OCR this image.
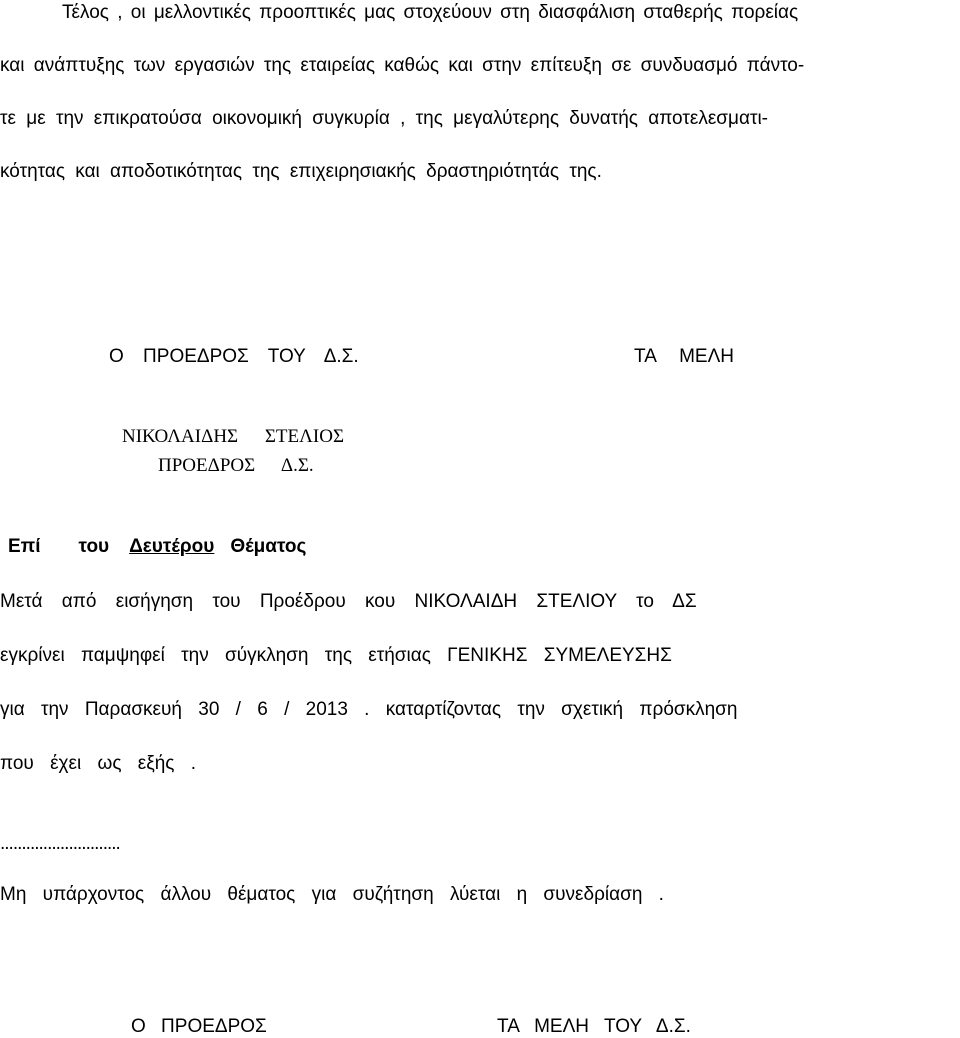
Τέλος , οι μελλοντικές προοπτικές μας στοχεύουν στη διασφάλιση σταθερής πορείας
και ανάπτυξης των εργασιών της εταιρείας καθώς και στην επίτευξη σε συνδυασμό πάντο-
τε με την επικρατούσα οικονομική συγκυρία , της μεγαλύτερης δυνατής αποτελεσματι-
κότητας και αποδοτικότητας της επιχειρησιακής δραστηριότητάς της.
Ο ΠΡΟΕΔΡΟΣ ΤΟΥ Δ.Σ.	ΤΑ ΜΕΛΗ
ΝΙΚΟΛΑΙΔΗΣ ΣΤΕΛΙΟΣ
ΠΡΟΕΔΡΟΣ Δ.Σ.
Επί του Δευτέρου Θέματος
Μετά από εισήγηση του Προέδρου κου ΝΙΚΟΛΑΙΔΗ ΣΤΕΛΙΟΥ το ΔΣ
εγκρίνει παμψηφεί την σύγκληση της ετήσιας ΓΕΝΙΚΗΣ ΣΥΜΕΛΕΥΣΗΣ
για την Παρασκευή 30 / 6 / 2013 . καταρτίζοντας την σχετική πρόσκληση
που έχει ως εξής .
............................
Μη υπάρχοντος άλλου θέματος για συζήτηση λύεται η συνεδρίαση .
Ο ΠΡΟΕΔΡΟΣ	ΤΑ ΜΕΛΗ ΤΟΥ Δ.Σ.
